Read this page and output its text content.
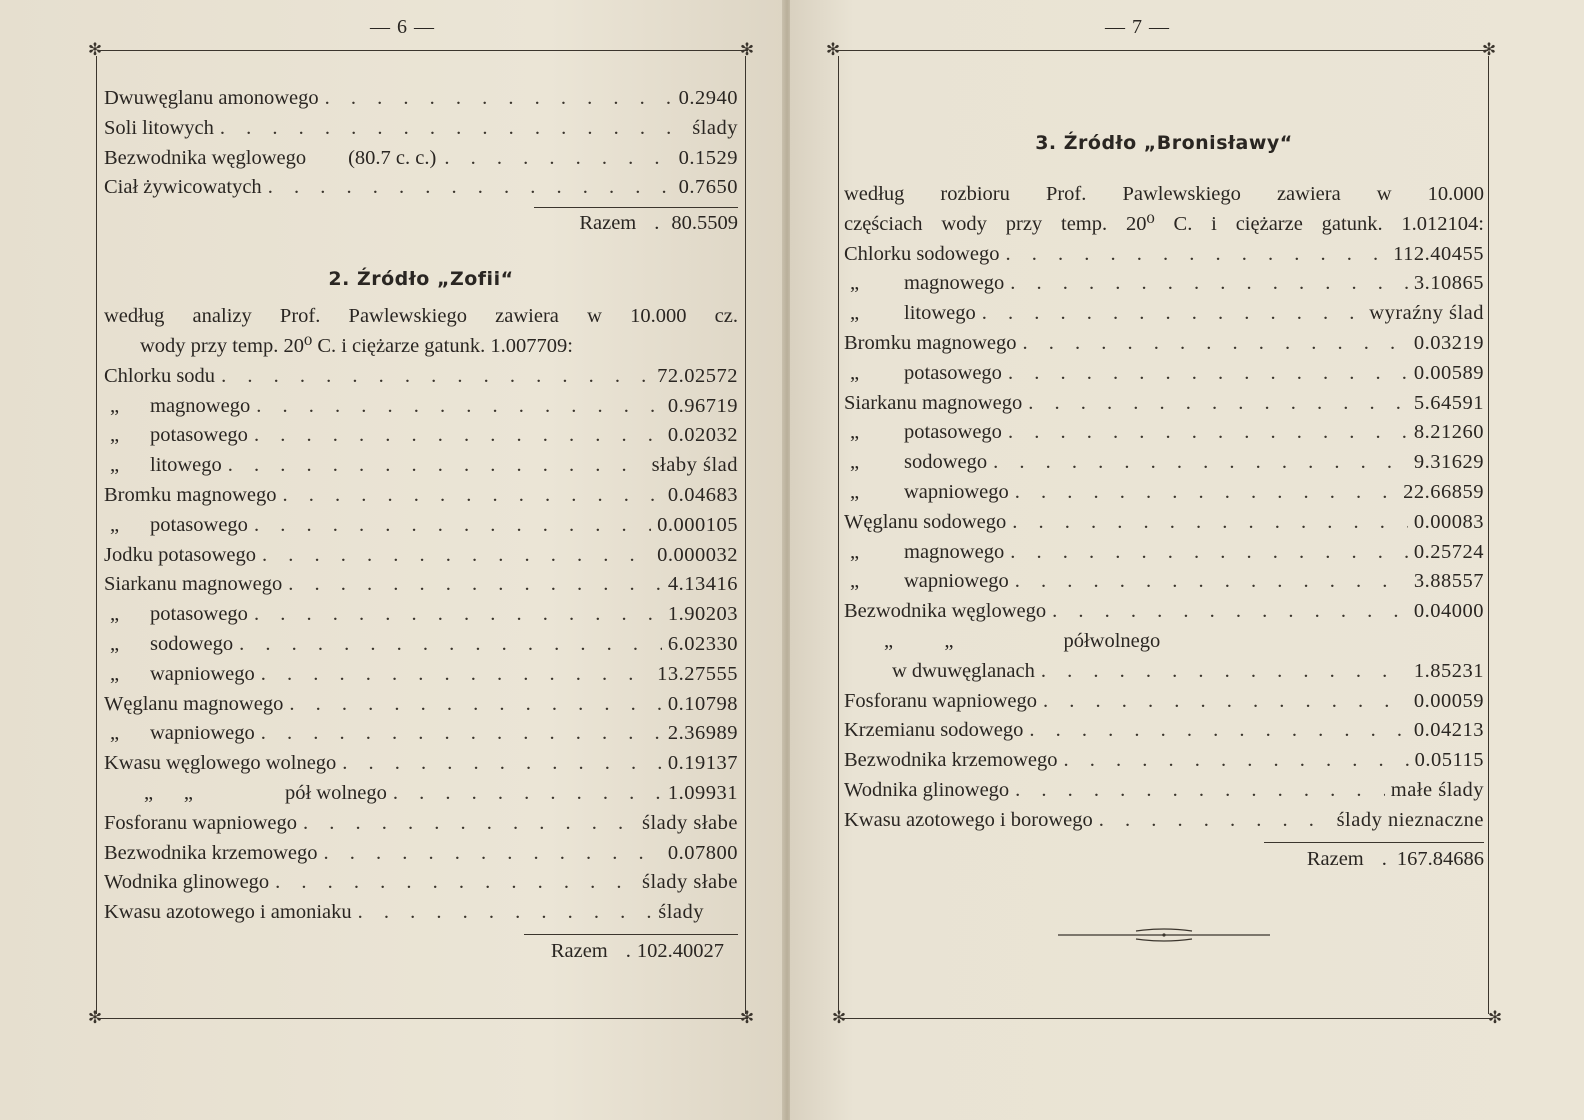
— 6 —
✻	✻
✻	✻
Dwuwęglanu amonowego . . .	0.2940
Soli litowych . . .	ślady
Bezwodnika węglowego (80.7 c. c.) . . .	0.1529
Ciał żywicowatych . . .	0.7650
Razem . 80.5509
2. Źródło „Zofii“
według analizy Prof. Pawlewskiego zawiera w 10.000 cz.
wody przy temp. 20⁰ C. i ciężarze gatunk. 1.007709:
Chlorku sodu . . .	72.02572
„ magnowego . . .	0.96719
„ potasowego . . .	0.02032
„ litowego . . .	słaby ślad
Bromku magnowego . . .	0.04683
„ potasowego . . .	0.000105
Jodku potasowego . . .	0.000032
Siarkanu magnowego . . .	4.13416
„ potasowego . . .	1.90203
„ sodowego . . .	6.02330
„ wapniowego . . .	13.27555
Węglanu magnowego . . .	0.10798
„ wapniowego . . .	2.36989
Kwasu węglowego wolnego . . .	0.19137
„      „	pół wolnego . . .	1.09931
Fosforanu wapniowego . . .	ślady słabe
Bezwodnika krzemowego . . .	0.07800
Wodnika glinowego . . .	ślady słabe
Kwasu azotowego i amoniaku . . .	ślady
Razem . 102.40027
— 7 —
✻	✻
✻	✻
3. Źródło „Bronisławy“
według rozbioru Prof. Pawlewskiego zawiera w 10.000
częściach wody przy temp. 20⁰ C. i ciężarze gatunk. 1.012104:
Chlorku sodowego . . .	112.40455
„ magnowego . . .	3.10865
„ litowego . . .	wyraźny ślad
Bromku magnowego . . .	0.03219
„ potasowego . . .	0.00589
Siarkanu magnowego . . .	5.64591
„ potasowego . . .	8.21260
„ sodowego . . .	9.31629
„ wapniowego . . .	22.66859
Węglanu sodowego . . .	0.00083
„ magnowego . . .	0.25724
„ wapniowego . . .	3.88557
Bezwodnika węglowego . . .	0.04000
„          „	półwolnego
w dwuwęglanach . . .	1.85231
Fosforanu wapniowego . . .	0.00059
Krzemianu sodowego . . .	0.04213
Bezwodnika krzemowego . . .	0.05115
Wodnika glinowego . . .	małe ślady
Kwasu azotowego i borowego . . .	ślady nieznaczne
Razem . 167.84686
